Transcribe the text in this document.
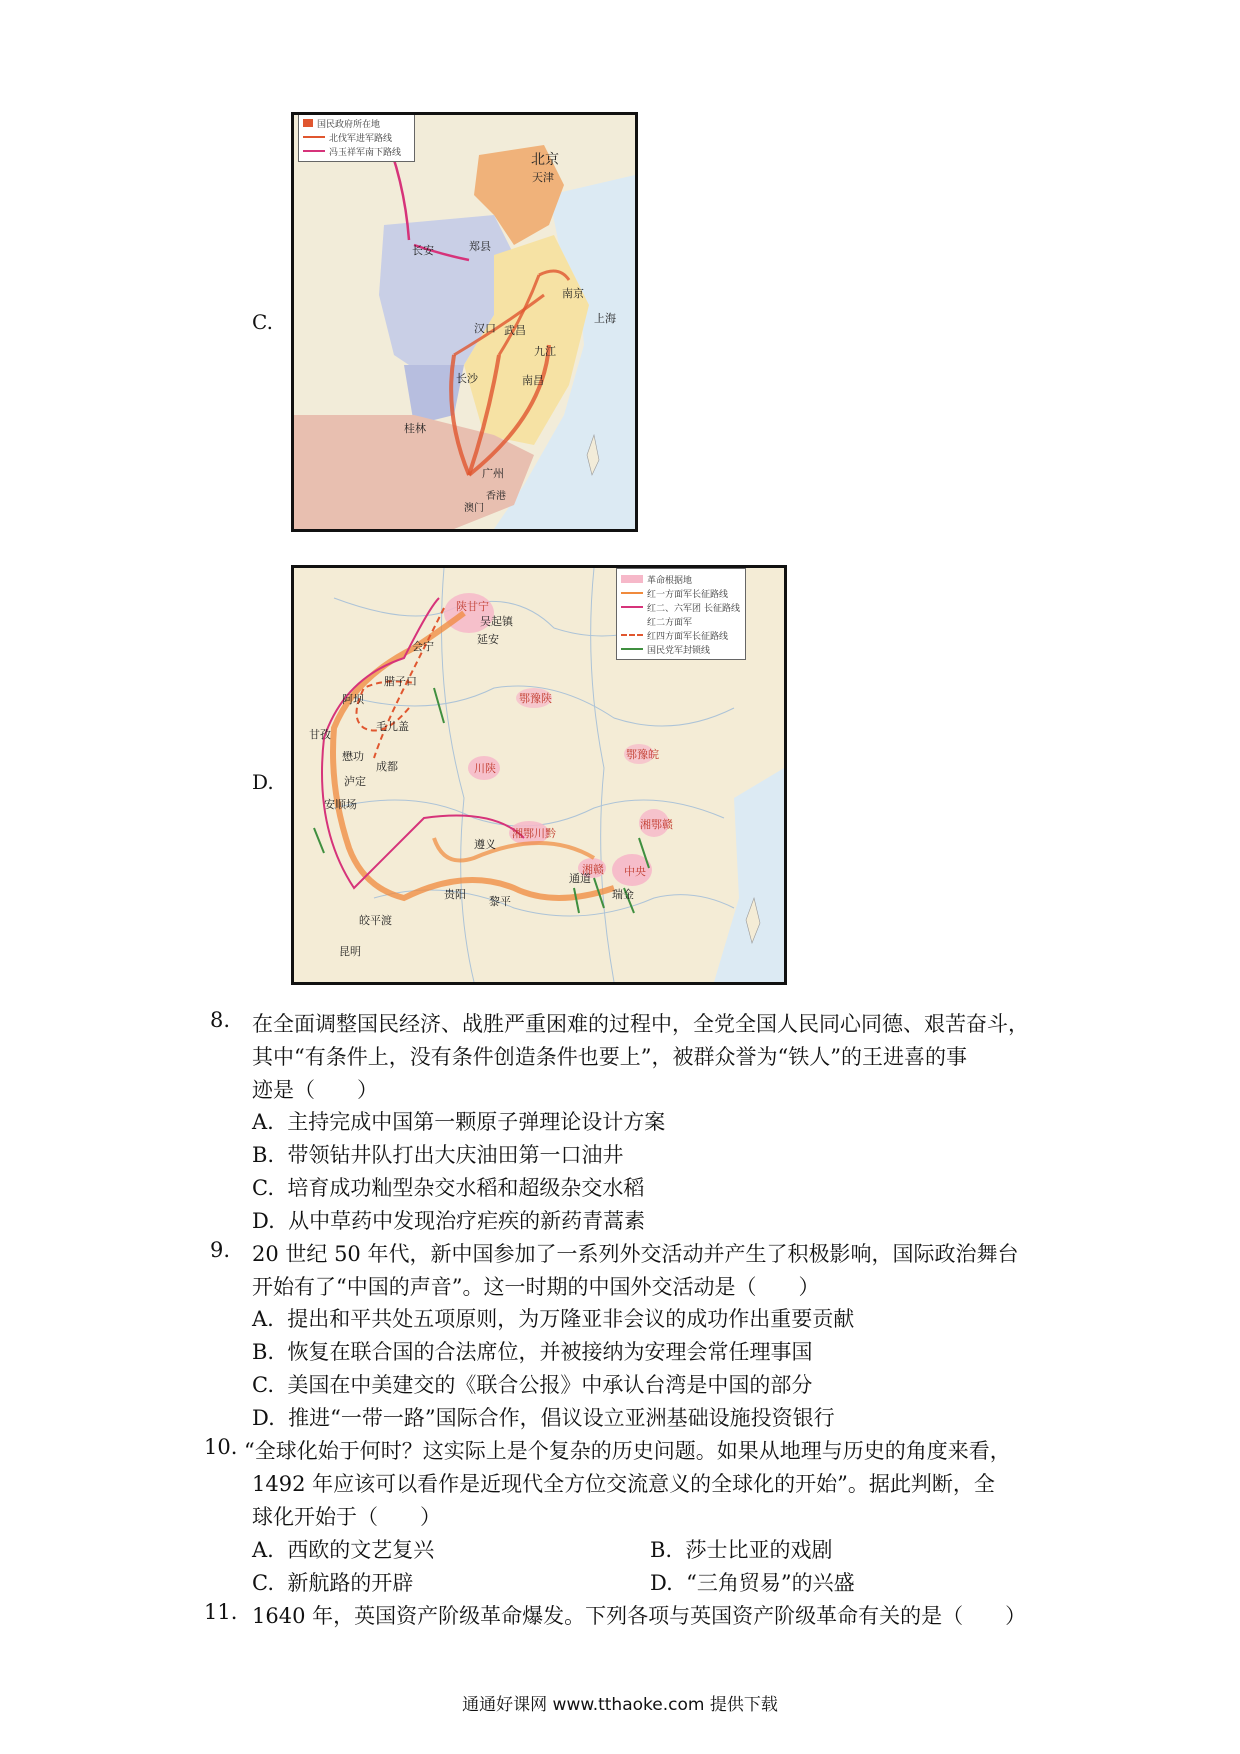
C.
国民政府所在地
北伐军进军路线
冯玉祥军南下路线	北京
天津
长安	郑县
南京
上海
汉口 武昌
九江
长沙	南昌
桂林
广州
香港
澳门
D.
革命根据地
红一方面军长征路线
红二、六军团 长征路线
红二方面军
红四方面军长征路线
国民党军封锁线
陕甘宁
鄂豫陕
川陕
鄂豫皖
湘鄂川黔
湘鄂赣
湘赣 中央
吴起镇
延安
会宁
腊子口
阿坝
毛儿盖
甘孜
懋功
成都
泸定
安顺场
遵义
贵阳
黎平
通道
瑞金
昆明
皎平渡
8. 在全面调整国民经济、战胜严重困难的过程中，全党全国人民同心同德、艰苦奋斗，
其中“有条件上，没有条件创造条件也要上”，被群众誉为“铁人”的王进喜的事
迹是（　　）
A. 主持完成中国第一颗原子弹理论设计方案
B. 带领钻井队打出大庆油田第一口油井
C. 培育成功籼型杂交水稻和超级杂交水稻
D. 从中草药中发现治疗疟疾的新药青蒿素
9. 20 世纪 50 年代，新中国参加了一系列外交活动并产生了积极影响，国际政治舞台
开始有了“中国的声音”。这一时期的中国外交活动是（　　）
A. 提出和平共处五项原则，为万隆亚非会议的成功作出重要贡献
B. 恢复在联合国的合法席位，并被接纳为安理会常任理事国
C. 美国在中美建交的《联合公报》中承认台湾是中国的部分
D. 推进“一带一路”国际合作，倡议设立亚洲基础设施投资银行
10. “全球化始于何时？这实际上是个复杂的历史问题。如果从地理与历史的角度来看，
1492 年应该可以看作是近现代全方位交流意义的全球化的开始”。据此判断，全
球化开始于（　　）
A. 西欧的文艺复兴	B. 莎士比亚的戏剧
C. 新航路的开辟	D. “三角贸易”的兴盛
11. 1640 年，英国资产阶级革命爆发。下列各项与英国资产阶级革命有关的是（　　）
通通好课网 www.tthaoke.com 提供下载
